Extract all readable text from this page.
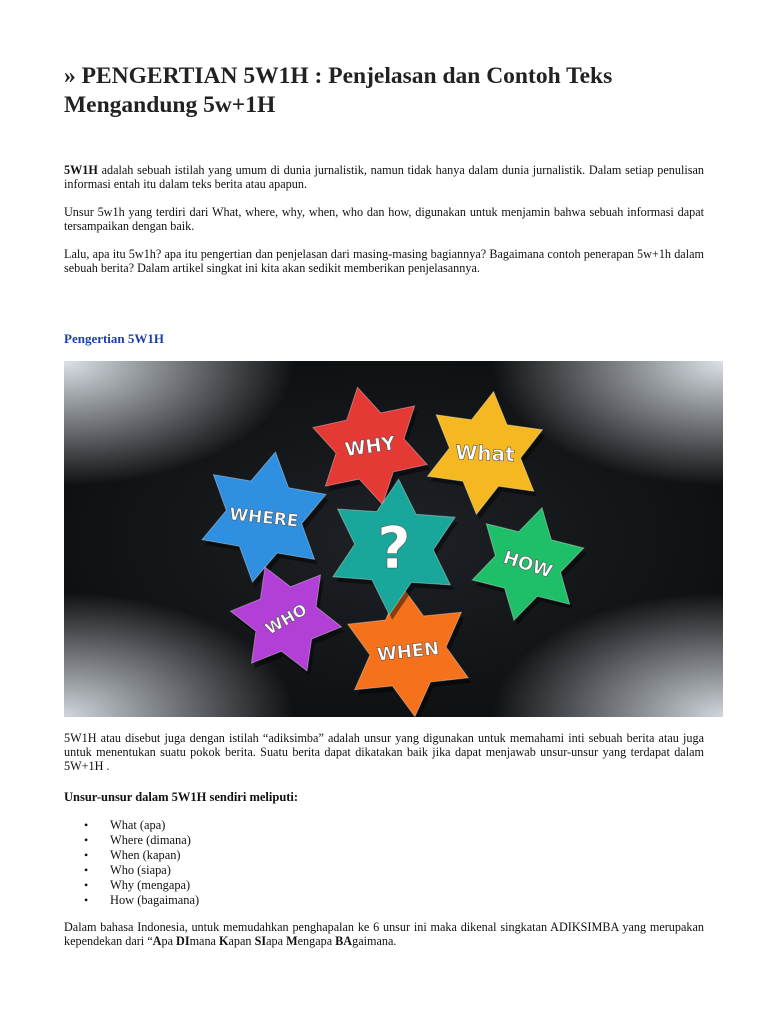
» PENGERTIAN 5W1H : Penjelasan dan Contoh Teks Mengandung 5w+1H

5W1H adalah sebuah istilah yang umum di dunia jurnalistik, namun tidak hanya dalam dunia jurnalistik. Dalam setiap penulisan informasi entah itu dalam teks berita atau apapun.

Unsur 5w1h yang terdiri dari What, where, why, when, who dan how, digunakan untuk menjamin bahwa sebuah informasi dapat tersampaikan dengan baik.

Lalu, apa itu 5w1h? apa itu pengertian dan penjelasan dari masing-masing bagiannya? Bagaimana contoh penerapan 5w+1h dalam sebuah berita? Dalam artikel singkat ini kita akan sedikit memberikan penjelasannya.

Pengertian 5W1H
WHY	What
WHERE
HOW
WHO
WHEN
?

5W1H atau disebut juga dengan istilah “adiksimba” adalah unsur yang digunakan untuk memahami inti sebuah berita atau juga untuk menentukan suatu pokok berita. Suatu berita dapat dikatakan baik jika dapat menjawab unsur-unsur yang terdapat dalam 5W+1H .

Unsur-unsur dalam 5W1H sendiri meliputi:

• What (apa)
• Where (dimana)
• When (kapan)
• Who (siapa)
• Why (mengapa)
• How (bagaimana)

Dalam bahasa Indonesia, untuk memudahkan penghapalan ke 6 unsur ini maka dikenal singkatan ADIKSIMBA yang merupakan kependekan dari “Apa DImana Kapan SIapa Mengapa BAgaimana.
